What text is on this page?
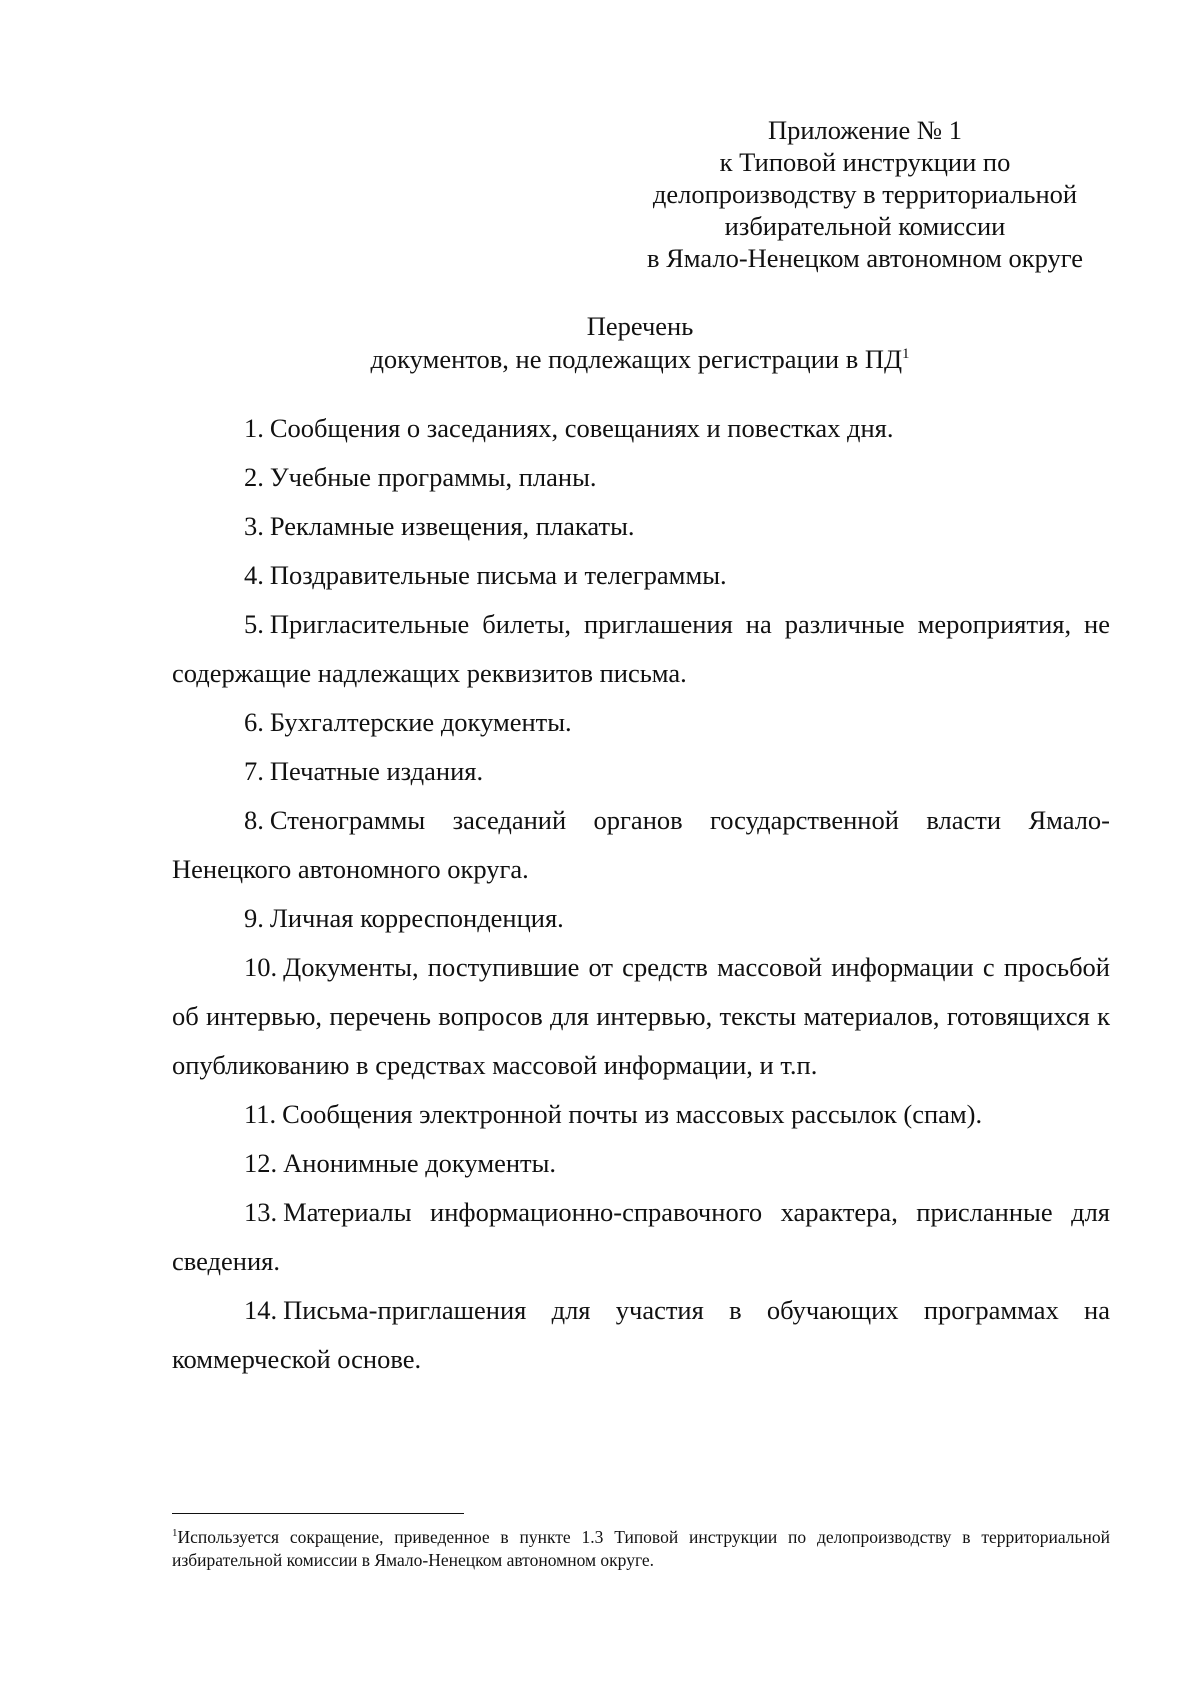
Приложение № 1
к Типовой инструкции по
делопроизводству в территориальной
избирательной комиссии
в Ямало-Ненецком автономном округе
Перечень
документов, не подлежащих регистрации в ПД$^1$

1. Сообщения о заседаниях, совещаниях и повестках дня.

2. Учебные программы, планы.

3. Рекламные извещения, плакаты.

4. Поздравительные письма и телеграммы.

5. Пригласительные билеты, приглашения на различные мероприятия, не содержащие надлежащих реквизитов письма.

6. Бухгалтерские документы.

7. Печатные издания.

8. Стенограммы заседаний органов государственной власти Ямало-Ненецкого автономного округа.

9. Личная корреспонденция.

10. Документы, поступившие от средств массовой информации с просьбой об интервью, перечень вопросов для интервью, тексты материалов, готовящихся к опубликованию в средствах массовой информации, и т.п.

11. Сообщения электронной почты из массовых рассылок (спам).

12. Анонимные документы.

13. Материалы информационно-справочного характера, присланные для сведения.

14. Письма-приглашения для участия в обучающих программах на коммерческой основе.

$^1$Используется сокращение, приведенное в пункте 1.3 Типовой инструкции по делопроизводству в территориальной избирательной комиссии в Ямало-Ненецком автономном округе.
